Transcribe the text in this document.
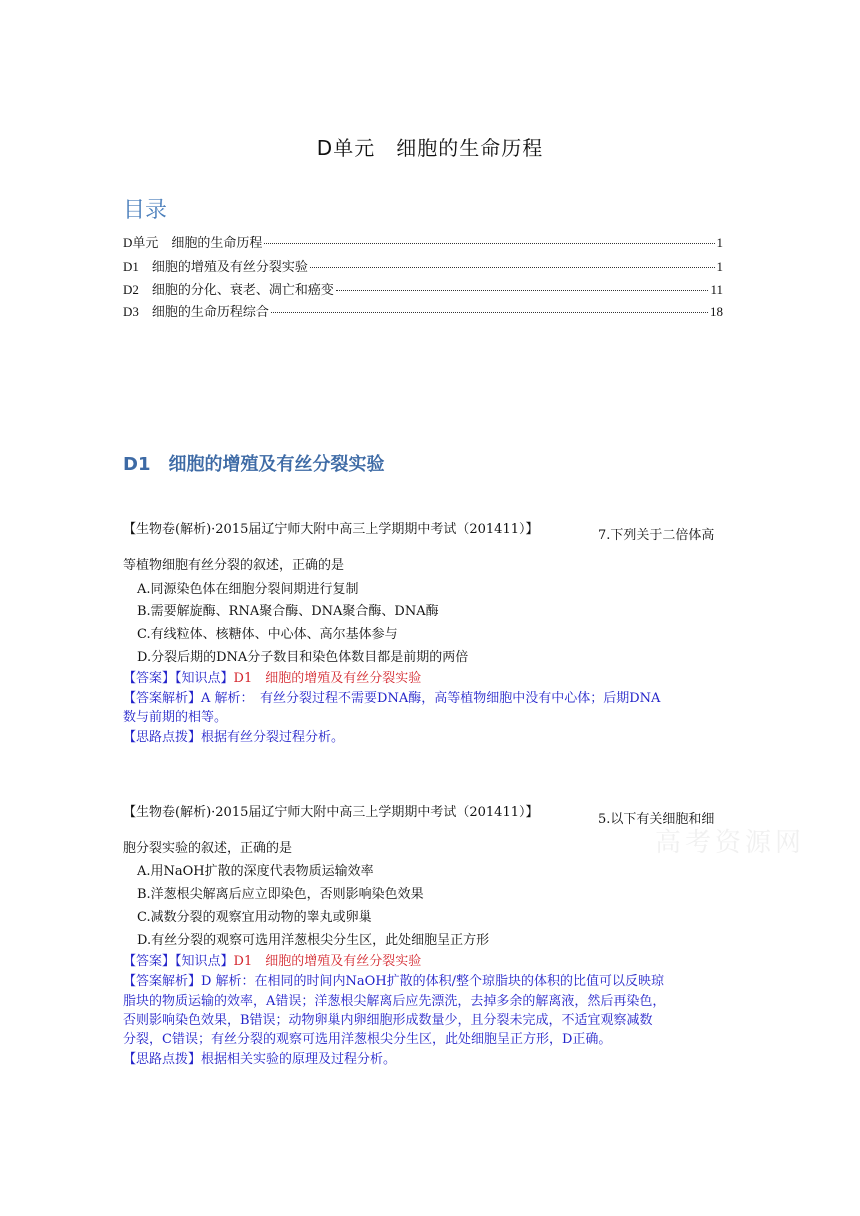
D单元　细胞的生命历程
目录
D单元　细胞的生命历程	1
D1　细胞的增殖及有丝分裂实验	1
D2　细胞的分化、衰老、凋亡和癌变	11
D3　细胞的生命历程综合	18
D1　细胞的增殖及有丝分裂实验
【生物卷(解析)·2015届辽宁师大附中高三上学期期中考试（201411）】	7.下列关于二倍体高
等植物细胞有丝分裂的叙述，正确的是
A.同源染色体在细胞分裂间期进行复制
B.需要解旋酶、RNA聚合酶、DNA聚合酶、DNA酶
C.有线粒体、核糖体、中心体、高尔基体参与
D.分裂后期的DNA分子数目和染色体数目都是前期的两倍
【答案】【知识点】D1　细胞的增殖及有丝分裂实验
【答案解析】A 解析：　有丝分裂过程不需要DNA酶，高等植物细胞中没有中心体；后期DNA
数与前期的相等。
【思路点拨】根据有丝分裂过程分析。
【生物卷(解析)·2015届辽宁师大附中高三上学期期中考试（201411）】	5.以下有关细胞和细
胞分裂实验的叙述，正确的是	高考资源网
A.用NaOH扩散的深度代表物质运输效率
B.洋葱根尖解离后应立即染色，否则影响染色效果
C.减数分裂的观察宜用动物的睾丸或卵巢
D.有丝分裂的观察可选用洋葱根尖分生区，此处细胞呈正方形
【答案】【知识点】D1　细胞的增殖及有丝分裂实验
【答案解析】D 解析：在相同的时间内NaOH扩散的体积/整个琼脂块的体积的比值可以反映琼
脂块的物质运输的效率，A错误；洋葱根尖解离后应先漂洗，去掉多余的解离液，然后再染色，
否则影响染色效果，B错误；动物卵巢内卵细胞形成数量少，且分裂未完成，不适宜观察减数
分裂，C错误；有丝分裂的观察可选用洋葱根尖分生区，此处细胞呈正方形，D正确。
【思路点拨】根据相关实验的原理及过程分析。
